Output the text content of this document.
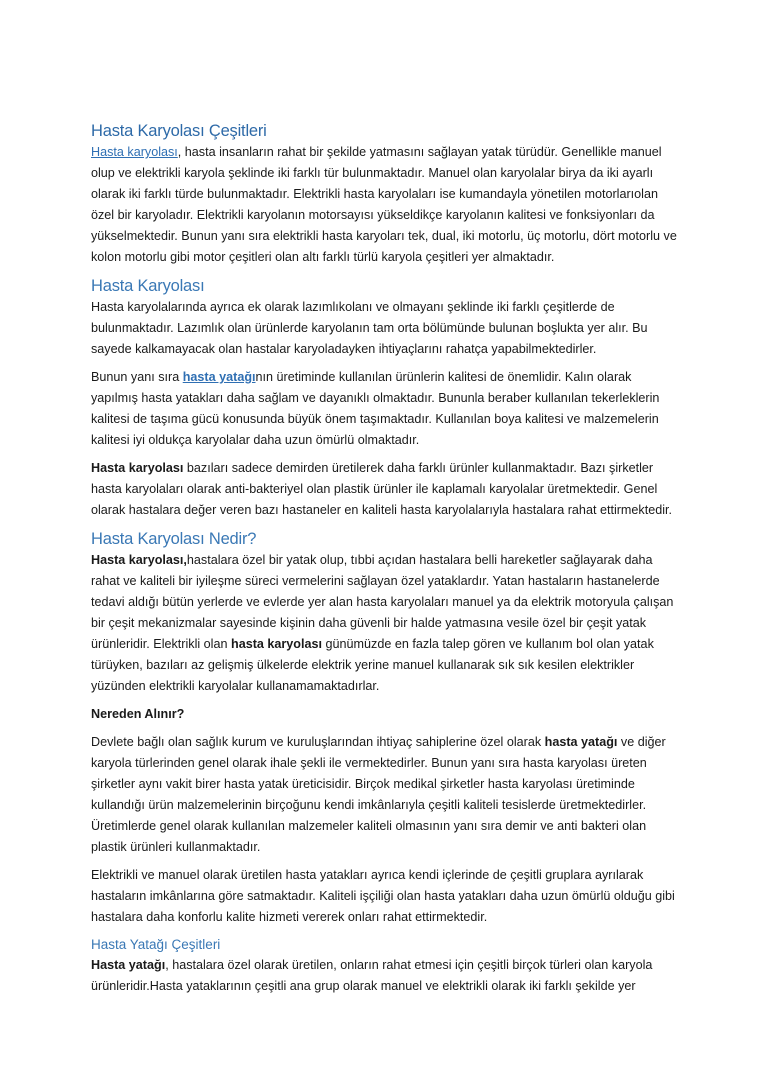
Hasta Karyolası Çeşitleri

Hasta karyolası, hasta insanların rahat bir şekilde yatmasını sağlayan yatak türüdür. Genellikle manuel olup ve elektrikli karyola şeklinde iki farklı tür bulunmaktadır. Manuel olan karyolalar birya da iki ayarlı olarak iki farklı türde bulunmaktadır. Elektrikli hasta karyolaları ise kumandayla yönetilen motorlarıolan özel bir karyoladır. Elektrikli karyolanın motorsayısı yükseldikçe karyolanın kalitesi ve fonksiyonları da yükselmektedir. Bunun yanı sıra elektrikli hasta karyoları tek, dual, iki motorlu, üç motorlu, dört motorlu ve kolon motorlu gibi motor çeşitleri olan altı farklı türlü karyola çeşitleri yer almaktadır.

Hasta Karyolası

Hasta karyolalarında ayrıca ek olarak lazımlıkolanı ve olmayanı şeklinde iki farklı çeşitlerde de bulunmaktadır. Lazımlık olan ürünlerde karyolanın tam orta bölümünde bulunan boşlukta yer alır. Bu sayede kalkamayacak olan hastalar karyoladayken ihtiyaçlarını rahatça yapabilmektedirler.

Bunun yanı sıra hasta yatağının üretiminde kullanılan ürünlerin kalitesi de önemlidir. Kalın olarak yapılmış hasta yatakları daha sağlam ve dayanıklı olmaktadır. Bununla beraber kullanılan tekerleklerin kalitesi de taşıma gücü konusunda büyük önem taşımaktadır. Kullanılan boya kalitesi ve malzemelerin kalitesi iyi oldukça karyolalar daha uzun ömürlü olmaktadır.

Hasta karyolası bazıları sadece demirden üretilerek daha farklı ürünler kullanmaktadır. Bazı şirketler hasta karyolaları olarak anti-bakteriyel olan plastik ürünler ile kaplamalı karyolalar üretmektedir. Genel olarak hastalara değer veren bazı hastaneler en kaliteli hasta karyolalarıyla hastalara rahat ettirmektedir.

Hasta Karyolası Nedir?

Hasta karyolası,hastalara özel bir yatak olup, tıbbi açıdan hastalara belli hareketler sağlayarak daha rahat ve kaliteli bir iyileşme süreci vermelerini sağlayan özel yataklardır. Yatan hastaların hastanelerde tedavi aldığı bütün yerlerde ve evlerde yer alan hasta karyolaları manuel ya da elektrik motoryula çalışan bir çeşit mekanizmalar sayesinde kişinin daha güvenli bir halde yatmasına vesile özel bir çeşit yatak ürünleridir. Elektrikli olan hasta karyolası günümüzde en fazla talep gören ve kullanım bol olan yatak türüyken, bazıları az gelişmiş ülkelerde elektrik yerine manuel kullanarak sık sık kesilen elektrikler yüzünden elektrikli karyolalar kullanamamaktadırlar.

Nereden Alınır?

Devlete bağlı olan sağlık kurum ve kuruluşlarından ihtiyaç sahiplerine özel olarak hasta yatağı ve diğer karyola türlerinden genel olarak ihale şekli ile vermektedirler. Bunun yanı sıra hasta karyolası üreten şirketler aynı vakit birer hasta yatak üreticisidir. Birçok medikal şirketler hasta karyolası üretiminde kullandığı ürün malzemelerinin birçoğunu kendi imkânlarıyla çeşitli kaliteli tesislerde üretmektedirler. Üretimlerde genel olarak kullanılan malzemeler kaliteli olmasının yanı sıra demir ve anti bakteri olan plastik ürünleri kullanmaktadır.

Elektrikli ve manuel olarak üretilen hasta yatakları ayrıca kendi içlerinde de çeşitli gruplara ayrılarak hastaların imkânlarına göre satmaktadır. Kaliteli işçiliği olan hasta yatakları daha uzun ömürlü olduğu gibi hastalara daha konforlu kalite hizmeti vererek onları rahat ettirmektedir.

Hasta Yatağı Çeşitleri

Hasta yatağı, hastalara özel olarak üretilen, onların rahat etmesi için çeşitli birçok türleri olan karyola ürünleridir.Hasta yataklarının çeşitli ana grup olarak manuel ve elektrikli olarak iki farklı şekilde yer
